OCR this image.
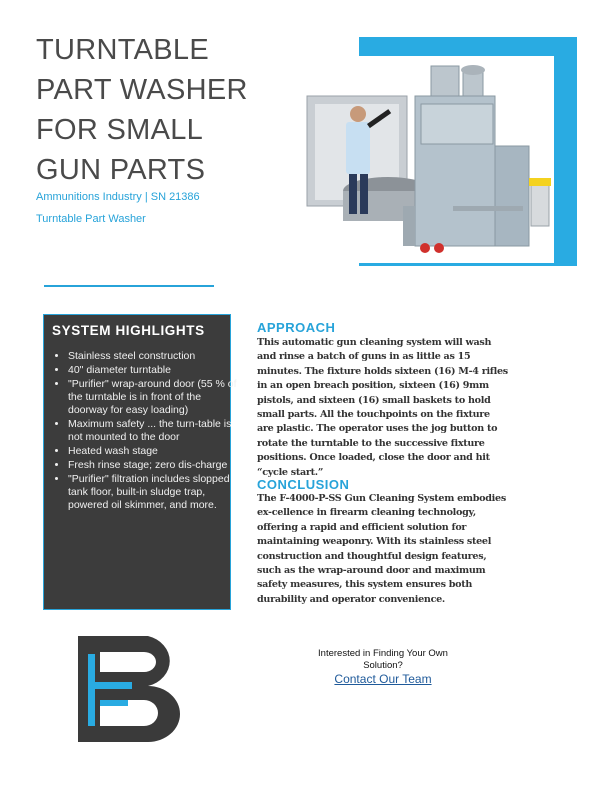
TURNTABLE
PART WASHER
FOR SMALL
GUN PARTS
Ammunitions Industry | SN 21386
Turntable Part Washer
SYSTEM HIGHLIGHTS
• Stainless steel construction
• 40" diameter turntable
• "Purifier" wrap-around door (55 % of the turntable is in front of the doorway for easy loading)
• Maximum safety ... the turn-table is not mounted to the door
• Heated wash stage
• Fresh rinse stage; zero dis-charge
• "Purifier" filtration includes slopped tank floor, built-in sludge trap, powered oil skimmer, and more.
APPROACH

This automatic gun cleaning system will wash and rinse a batch of guns in as little as 15 minutes. The fixture holds sixteen (16) M-4 rifles in an open breach position, sixteen (16) 9mm pistols, and sixteen (16) small baskets to hold small parts. All the touchpoints on the fixture are plastic. The operator uses the jog button to rotate the turntable to the successive fixture positions. Once loaded, close the door and hit “cycle start.”

CONCLUSION

The F-4000-P-SS Gun Cleaning System embodies ex-cellence in firearm cleaning technology, offering a rapid and efficient solution for maintaining weaponry. With its stainless steel construction and thoughtful design features, such as the wrap-around door and maximum safety measures, this system ensures both durability and operator convenience.

Interested in Finding Your Own Solution?
Contact Our Team
